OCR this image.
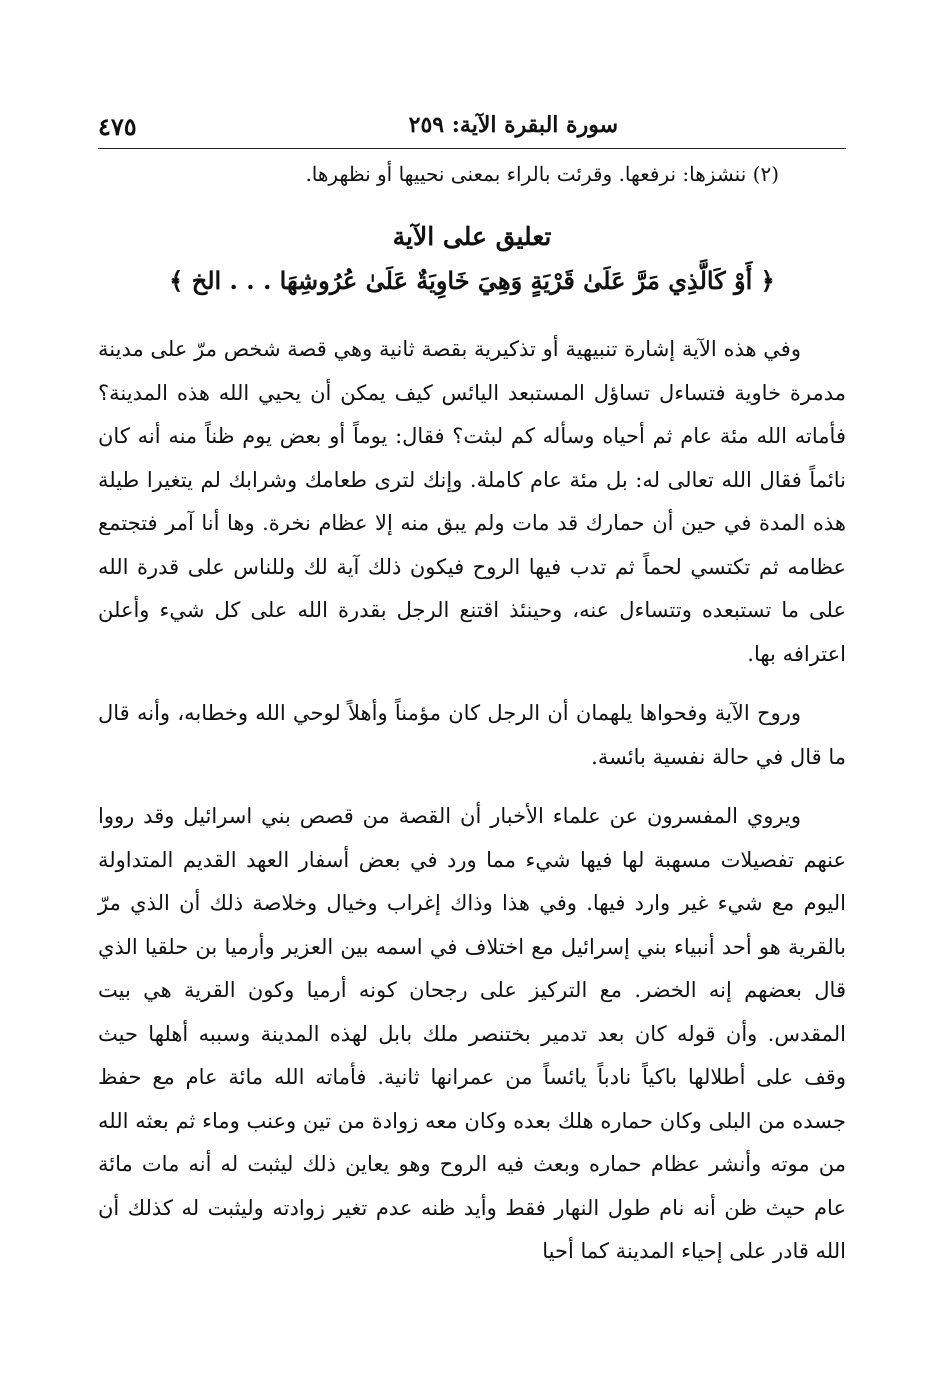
سورة البقرة الآية: ٢٥٩
٤٧٥
(٢) ننشزها: نرفعها. وقرئت بالراء بمعنى نحييها أو نظهرها.
تعليق على الآية
﴿ أَوْ كَالَّذِي مَرَّ عَلَىٰ قَرْيَةٍ وَهِيَ خَاوِيَةٌ عَلَىٰ عُرُوشِهَا . . . الخ ﴾

وفي هذه الآية إشارة تنبيهية أو تذكيرية بقصة ثانية وهي قصة شخص مرّ على مدينة مدمرة خاوية فتساءل تساؤل المستبعد اليائس كيف يمكن أن يحيي الله هذه المدينة؟ فأماته الله مئة عام ثم أحياه وسأله كم لبثت؟ فقال: يوماً أو بعض يوم ظناً منه أنه كان نائماً فقال الله تعالى له: بل مئة عام كاملة. وإنك لترى طعامك وشرابك لم يتغيرا طيلة هذه المدة في حين أن حمارك قد مات ولم يبق منه إلا عظام نخرة. وها أنا آمر فتجتمع عظامه ثم تكتسي لحماً ثم تدب فيها الروح فيكون ذلك آية لك وللناس على قدرة الله على ما تستبعده وتتساءل عنه، وحينئذ اقتنع الرجل بقدرة الله على كل شيء وأعلن اعترافه بها.

وروح الآية وفحواها يلهمان أن الرجل كان مؤمناً وأهلاً لوحي الله وخطابه، وأنه قال ما قال في حالة نفسية بائسة.

ويروي المفسرون عن علماء الأخبار أن القصة من قصص بني اسرائيل وقد رووا عنهم تفصيلات مسهبة لها فيها شيء مما ورد في بعض أسفار العهد القديم المتداولة اليوم مع شيء غير وارد فيها. وفي هذا وذاك إغراب وخيال وخلاصة ذلك أن الذي مرّ بالقرية هو أحد أنبياء بني إسرائيل مع اختلاف في اسمه بين العزير وأرميا بن حلقيا الذي قال بعضهم إنه الخضر. مع التركيز على رجحان كونه أرميا وكون القرية هي بيت المقدس. وأن قوله كان بعد تدمير بختنصر ملك بابل لهذه المدينة وسببه أهلها حيث وقف على أطلالها باكياً نادباً يائساً من عمرانها ثانية. فأماته الله مائة عام مع حفظ جسده من البلى وكان حماره هلك بعده وكان معه زوادة من تين وعنب وماء ثم بعثه الله من موته وأنشر عظام حماره وبعث فيه الروح وهو يعاين ذلك ليثبت له أنه مات مائة عام حيث ظن أنه نام طول النهار فقط وأيد ظنه عدم تغير زوادته وليثبت له كذلك أن الله قادر على إحياء المدينة كما أحيا
